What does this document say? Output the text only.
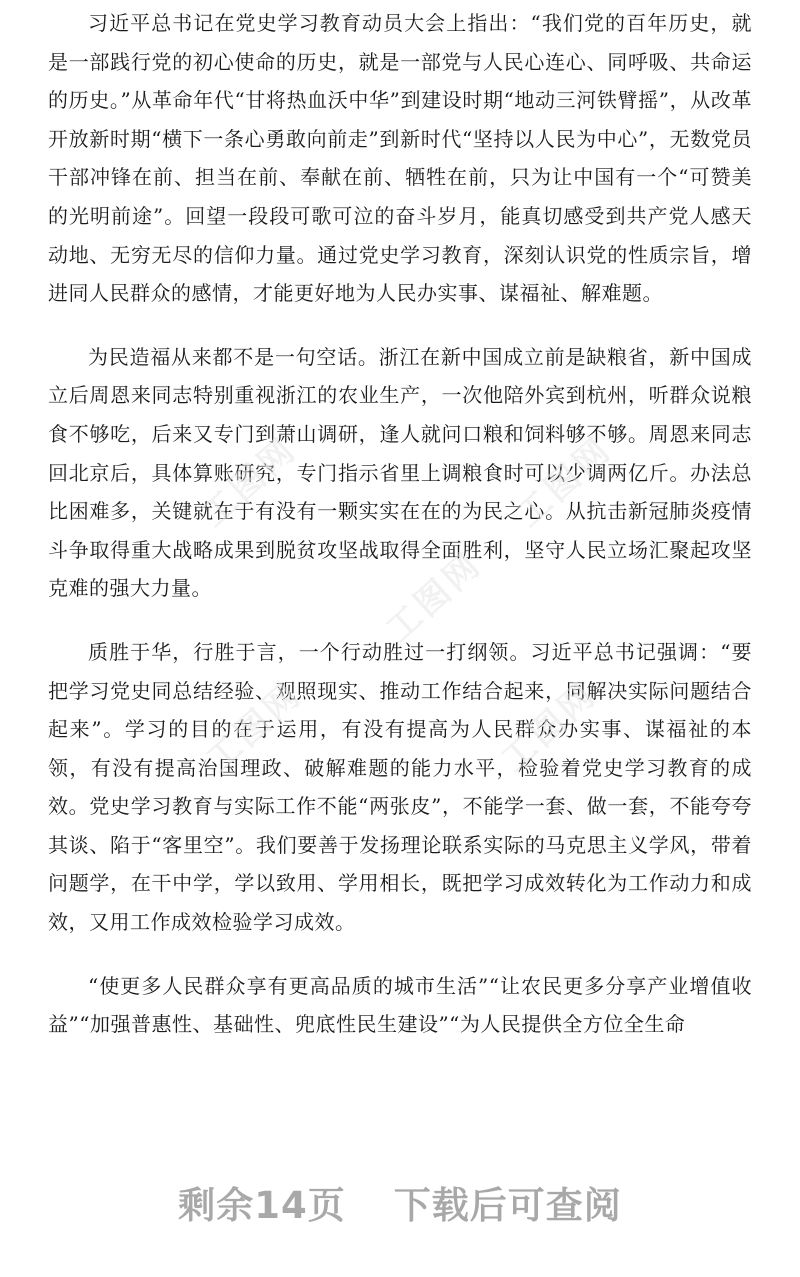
习近平总书记在党史学习教育动员大会上指出：“我们党的百年历史，就是一部践行党的初心使命的历史，就是一部党与人民心连心、同呼吸、共命运的历史。”从革命年代“甘将热血沃中华”到建设时期“地动三河铁臂摇”，从改革开放新时期“横下一条心勇敢向前走”到新时代“坚持以人民为中心”，无数党员干部冲锋在前、担当在前、奉献在前、牺牲在前，只为让中国有一个“可赞美的光明前途”。回望一段段可歌可泣的奋斗岁月，能真切感受到共产党人感天动地、无穷无尽的信仰力量。通过党史学习教育，深刻认识党的性质宗旨，增进同人民群众的感情，才能更好地为人民办实事、谋福祉、解难题。

为民造福从来都不是一句空话。浙江在新中国成立前是缺粮省，新中国成立后周恩来同志特别重视浙江的农业生产，一次他陪外宾到杭州，听群众说粮食不够吃，后来又专门到萧山调研，逢人就问口粮和饲料够不够。周恩来同志回北京后，具体算账研究，专门指示省里上调粮食时可以少调两亿斤。办法总比困难多，关键就在于有没有一颗实实在在的为民之心。从抗击新冠肺炎疫情斗争取得重大战略成果到脱贫攻坚战取得全面胜利，坚守人民立场汇聚起攻坚克难的强大力量。

质胜于华，行胜于言，一个行动胜过一打纲领。习近平总书记强调：“要把学习党史同总结经验、观照现实、推动工作结合起来，同解决实际问题结合起来”。学习的目的在于运用，有没有提高为人民群众办实事、谋福祉的本领，有没有提高治国理政、破解难题的能力水平，检验着党史学习教育的成效。党史学习教育与实际工作不能“两张皮”，不能学一套、做一套，不能夸夸其谈、陷于“客里空”。我们要善于发扬理论联系实际的马克思主义学风，带着问题学，在干中学，学以致用、学用相长，既把学习成效转化为工作动力和成效，又用工作成效检验学习成效。

“使更多人民群众享有更高品质的城市生活”“让农民更多分享产业增值收益”“加强普惠性、基础性、兜底性民生建设”“为人民提供全方位全生命

工图网
工图网
工图网
工图网	工图网
剩余14页 下载后可查阅
